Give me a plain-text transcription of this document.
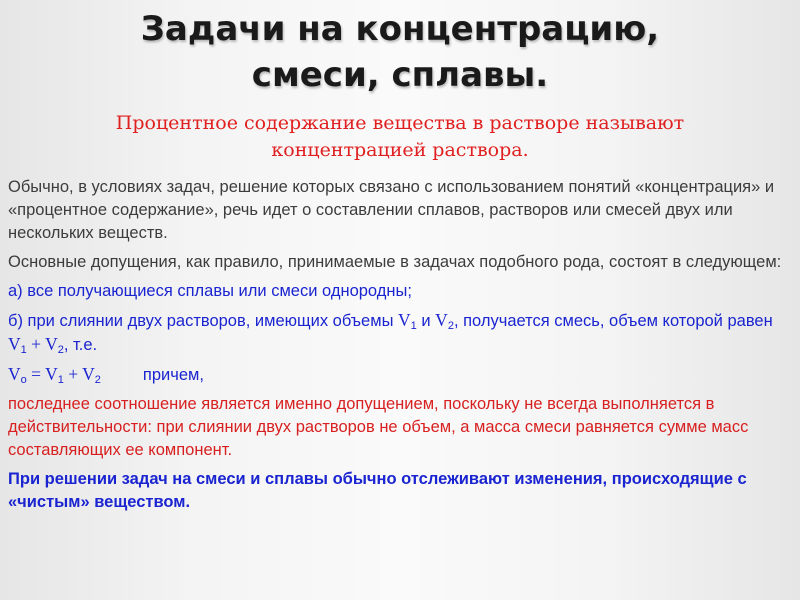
Задачи на концентрацию,
смеси, сплавы.
Процентное содержание вещества в растворе называют концентрацией раствора.

Обычно, в условиях задач, решение которых связано с использованием понятий «концентрация» и «процентное содержание», речь идет о составлении сплавов, растворов или смесей двух или нескольких веществ.

Основные допущения, как правило, принимаемые в задачах подобного рода, состоят в следующем:

а) все получающиеся сплавы или смеси однородны;

б) при слиянии двух растворов, имеющих объемы $V_1$ и $V_2$, получается смесь, объем которой равен $V_1 + V_2$, т.е.

$V_o = V_1 + V_2$	причем,

последнее соотношение является именно допущением, поскольку не всегда выполняется в действительности: при слиянии двух растворов не объем, а масса смеси равняется сумме масс составляющих ее компонент.

При решении задач на смеси и сплавы обычно отслеживают изменения, происходящие с «чистым» веществом.
